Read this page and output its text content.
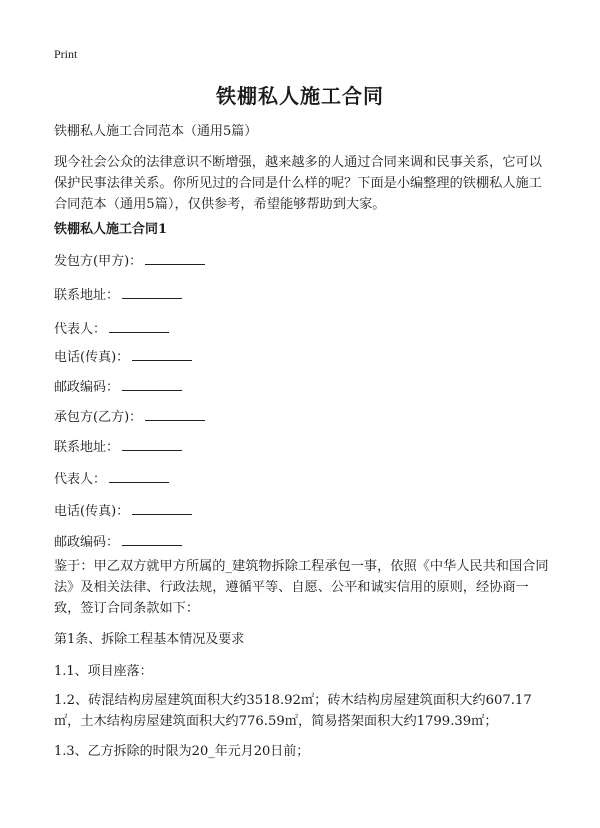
Print
铁棚私人施工合同
铁棚私人施工合同范本（通用5篇）
现今社会公众的法律意识不断增强，越来越多的人通过合同来调和民事关系，它可以保护民事法律关系。你所见过的合同是什么样的呢？下面是小编整理的铁棚私人施工合同范本（通用5篇），仅供参考，希望能够帮助到大家。
铁棚私人施工合同1
发包方(甲方)：
联系地址：
代表人：
电话(传真)：
邮政编码：
承包方(乙方)：
联系地址：
代表人：
电话(传真)：
邮政编码：
鉴于：甲乙双方就甲方所属的_建筑物拆除工程承包一事，依照《中华人民共和国合同法》及相关法律、行政法规，遵循平等、自愿、公平和诚实信用的原则，经协商一致，签订合同条款如下：
第1条、拆除工程基本情况及要求
1.1、项目座落：
1.2、砖混结构房屋建筑面积大约3518.92㎡；砖木结构房屋建筑面积大约607.17㎡，土木结构房屋建筑面积大约776.59㎡，简易搭架面积大约1799.39㎡；
1.3、乙方拆除的时限为20_年元月20日前；
